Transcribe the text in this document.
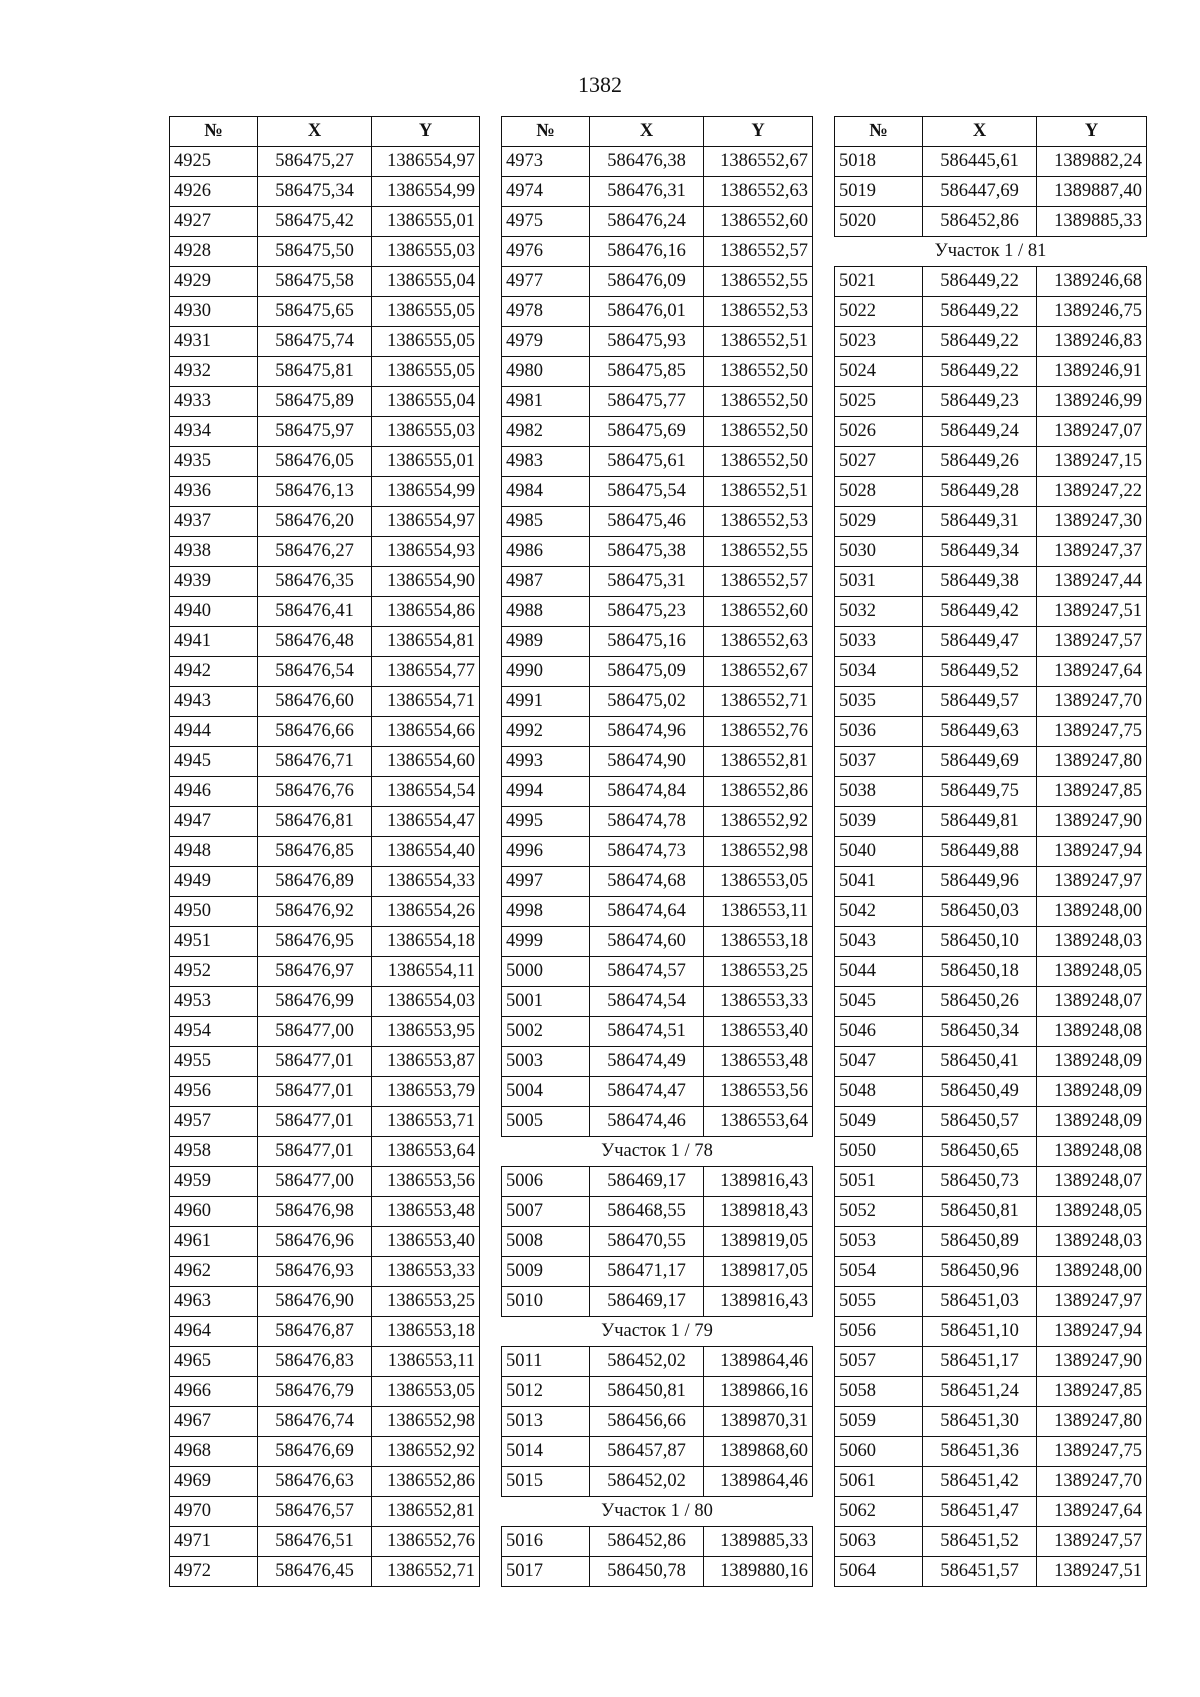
1382
№	X	Y
4925	586475,27	1386554,97
4926	586475,34	1386554,99
4927	586475,42	1386555,01
4928	586475,50	1386555,03
4929	586475,58	1386555,04
4930	586475,65	1386555,05
4931	586475,74	1386555,05
4932	586475,81	1386555,05
4933	586475,89	1386555,04
4934	586475,97	1386555,03
4935	586476,05	1386555,01
4936	586476,13	1386554,99
4937	586476,20	1386554,97
4938	586476,27	1386554,93
4939	586476,35	1386554,90
4940	586476,41	1386554,86
4941	586476,48	1386554,81
4942	586476,54	1386554,77
4943	586476,60	1386554,71
4944	586476,66	1386554,66
4945	586476,71	1386554,60
4946	586476,76	1386554,54
4947	586476,81	1386554,47
4948	586476,85	1386554,40
4949	586476,89	1386554,33
4950	586476,92	1386554,26
4951	586476,95	1386554,18
4952	586476,97	1386554,11
4953	586476,99	1386554,03
4954	586477,00	1386553,95
4955	586477,01	1386553,87
4956	586477,01	1386553,79
4957	586477,01	1386553,71
4958	586477,01	1386553,64
4959	586477,00	1386553,56
4960	586476,98	1386553,48
4961	586476,96	1386553,40
4962	586476,93	1386553,33
4963	586476,90	1386553,25
4964	586476,87	1386553,18
4965	586476,83	1386553,11
4966	586476,79	1386553,05
4967	586476,74	1386552,98
4968	586476,69	1386552,92
4969	586476,63	1386552,86
4970	586476,57	1386552,81
4971	586476,51	1386552,76
4972	586476,45	1386552,71
№	X	Y
4973	586476,38	1386552,67
4974	586476,31	1386552,63
4975	586476,24	1386552,60
4976	586476,16	1386552,57
4977	586476,09	1386552,55
4978	586476,01	1386552,53
4979	586475,93	1386552,51
4980	586475,85	1386552,50
4981	586475,77	1386552,50
4982	586475,69	1386552,50
4983	586475,61	1386552,50
4984	586475,54	1386552,51
4985	586475,46	1386552,53
4986	586475,38	1386552,55
4987	586475,31	1386552,57
4988	586475,23	1386552,60
4989	586475,16	1386552,63
4990	586475,09	1386552,67
4991	586475,02	1386552,71
4992	586474,96	1386552,76
4993	586474,90	1386552,81
4994	586474,84	1386552,86
4995	586474,78	1386552,92
4996	586474,73	1386552,98
4997	586474,68	1386553,05
4998	586474,64	1386553,11
4999	586474,60	1386553,18
5000	586474,57	1386553,25
5001	586474,54	1386553,33
5002	586474,51	1386553,40
5003	586474,49	1386553,48
5004	586474,47	1386553,56
5005	586474,46	1386553,64
Участок 1 / 78		
5006	586469,17	1389816,43
5007	586468,55	1389818,43
5008	586470,55	1389819,05
5009	586471,17	1389817,05
5010	586469,17	1389816,43
Участок 1 / 79		
5011	586452,02	1389864,46
5012	586450,81	1389866,16
5013	586456,66	1389870,31
5014	586457,87	1389868,60
5015	586452,02	1389864,46
Участок 1 / 80		
5016	586452,86	1389885,33
5017	586450,78	1389880,16
№	X	Y
5018	586445,61	1389882,24
5019	586447,69	1389887,40
5020	586452,86	1389885,33
Участок 1 / 81		
5021	586449,22	1389246,68
5022	586449,22	1389246,75
5023	586449,22	1389246,83
5024	586449,22	1389246,91
5025	586449,23	1389246,99
5026	586449,24	1389247,07
5027	586449,26	1389247,15
5028	586449,28	1389247,22
5029	586449,31	1389247,30
5030	586449,34	1389247,37
5031	586449,38	1389247,44
5032	586449,42	1389247,51
5033	586449,47	1389247,57
5034	586449,52	1389247,64
5035	586449,57	1389247,70
5036	586449,63	1389247,75
5037	586449,69	1389247,80
5038	586449,75	1389247,85
5039	586449,81	1389247,90
5040	586449,88	1389247,94
5041	586449,96	1389247,97
5042	586450,03	1389248,00
5043	586450,10	1389248,03
5044	586450,18	1389248,05
5045	586450,26	1389248,07
5046	586450,34	1389248,08
5047	586450,41	1389248,09
5048	586450,49	1389248,09
5049	586450,57	1389248,09
5050	586450,65	1389248,08
5051	586450,73	1389248,07
5052	586450,81	1389248,05
5053	586450,89	1389248,03
5054	586450,96	1389248,00
5055	586451,03	1389247,97
5056	586451,10	1389247,94
5057	586451,17	1389247,90
5058	586451,24	1389247,85
5059	586451,30	1389247,80
5060	586451,36	1389247,75
5061	586451,42	1389247,70
5062	586451,47	1389247,64
5063	586451,52	1389247,57
5064	586451,57	1389247,51
